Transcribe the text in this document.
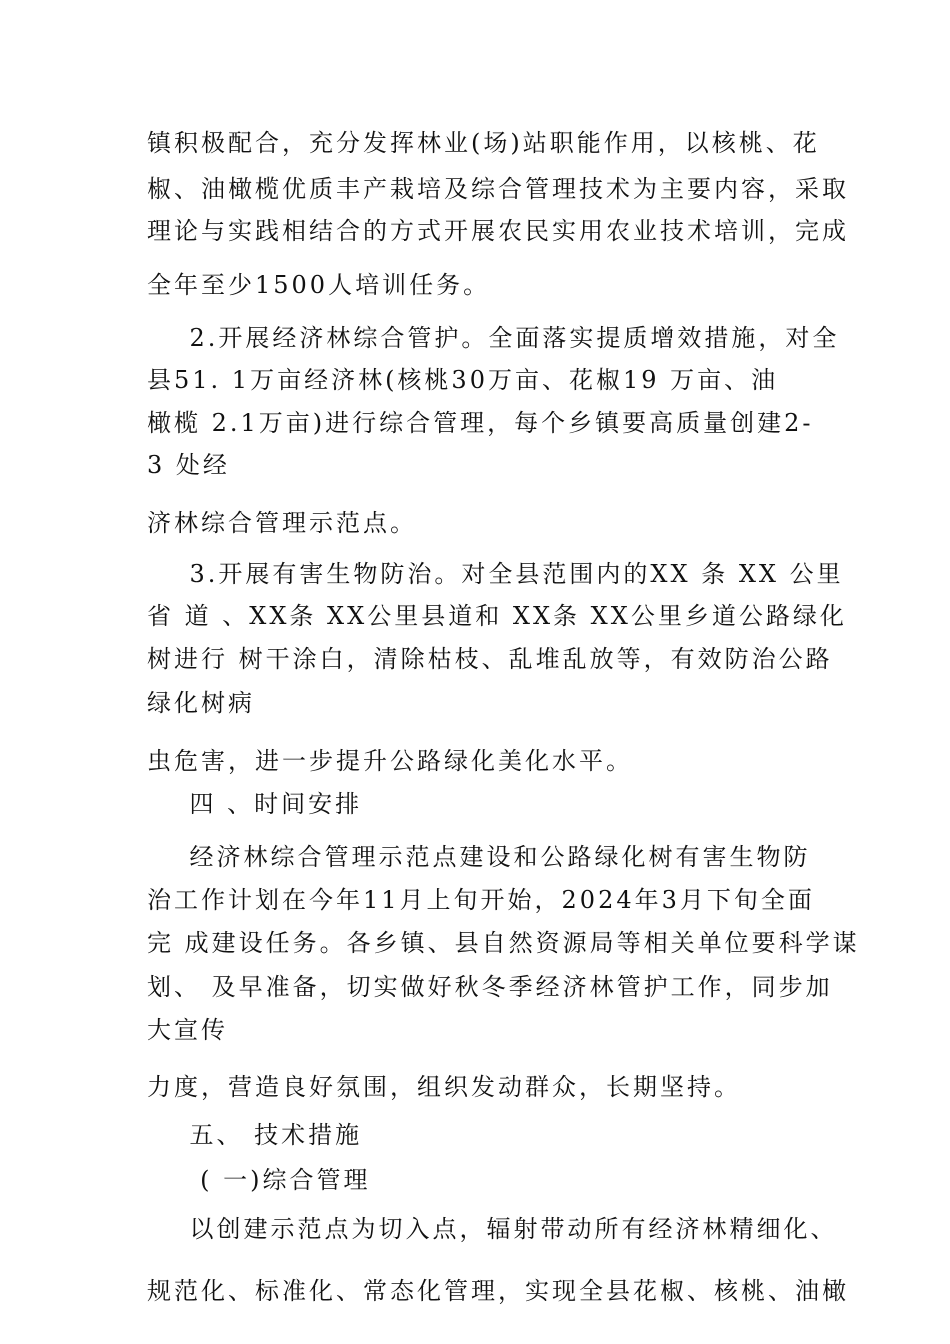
镇积极配合，充分发挥林业(场)站职能作用，以核桃、花
椒、油橄榄优质丰产栽培及综合管理技术为主要内容，采取
理论与实践相结合的方式开展农民实用农业技术培训，完成
全年至少1500人培训任务。
2.开展经济林综合管护。全面落实提质增效措施，对全
县51. 1万亩经济林(核桃30万亩、花椒19 万亩、油
橄榄 2.1万亩)进行综合管理，每个乡镇要高质量创建2-
3 处经
济林综合管理示范点。
3.开展有害生物防治。对全县范围内的XX 条 XX 公里
省 道 、XX条 XX公里县道和 XX条 XX公里乡道公路绿化
树进行 树干涂白，清除枯枝、乱堆乱放等，有效防治公路
绿化树病
虫危害，进一步提升公路绿化美化水平。
四 、时间安排
经济林综合管理示范点建设和公路绿化树有害生物防
治工作计划在今年11月上旬开始，2024年3月下旬全面
完 成建设任务。各乡镇、县自然资源局等相关单位要科学谋
划、 及早准备，切实做好秋冬季经济林管护工作，同步加
大宣传
力度，营造良好氛围，组织发动群众，长期坚持。
五、 技术措施
( 一)综合管理
以创建示范点为切入点，辐射带动所有经济林精细化、
规范化、标准化、常态化管理，实现全县花椒、核桃、油橄
